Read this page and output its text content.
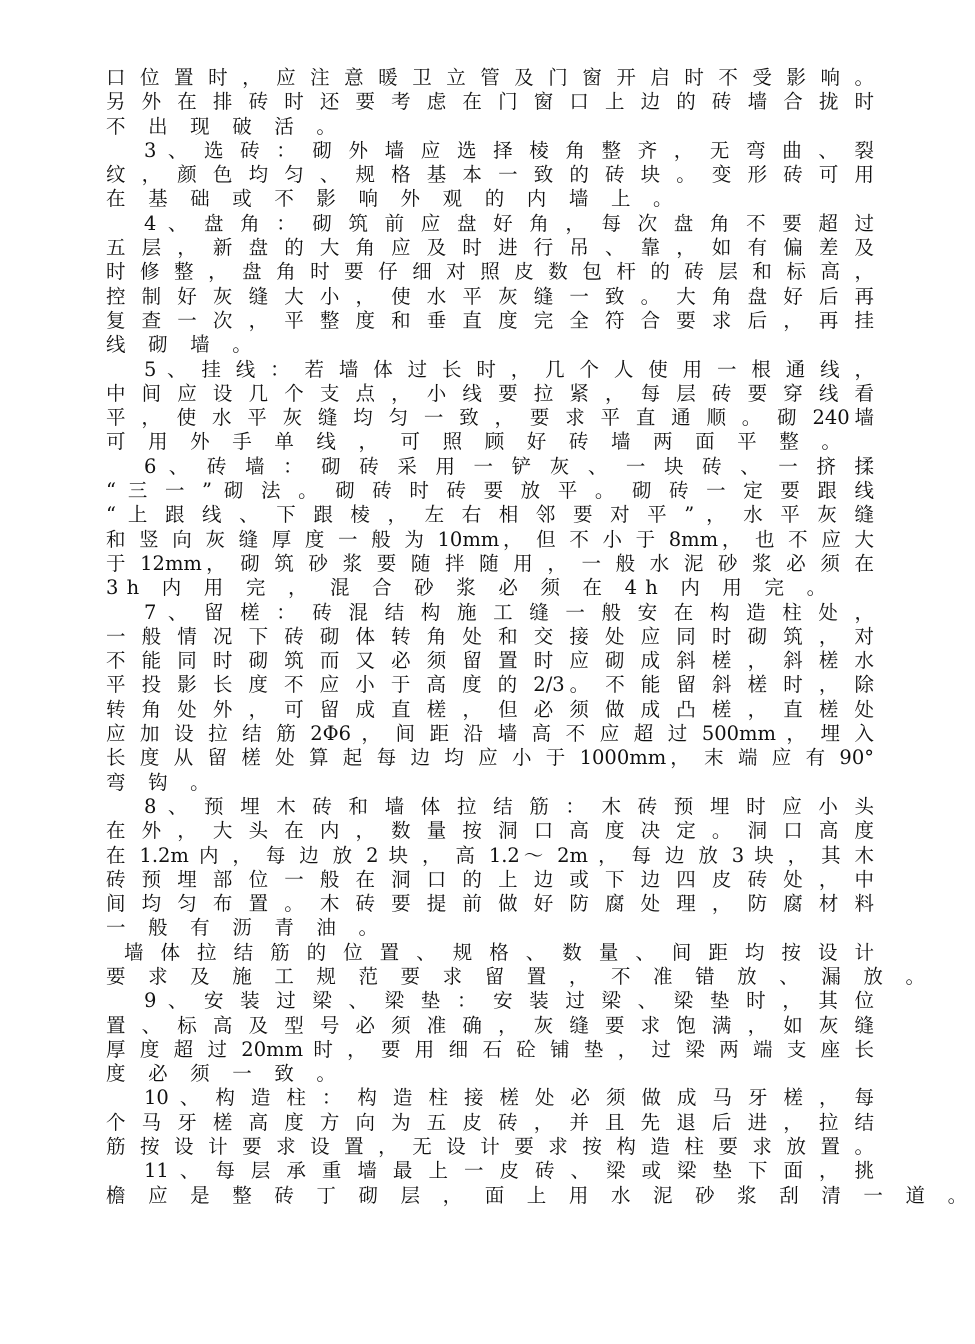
口 位 置 时 ， 应 注 意 暖 卫 立 管 及 门 窗 开 启 时 不 受 影 响 。
另 外 在 排 砖 时 还 要 考 虑 在 门 窗 口 上 边 的 砖 墙 合 拢 时
不 出 现 破 活 。
3 、 选 砖 ： 砌 外 墙 应 选 择 棱 角 整 齐 ， 无 弯 曲 、 裂
纹 ， 颜 色 均 匀 、 规 格 基 本 一 致 的 砖 块 。 变 形 砖 可 用
在 基 础 或 不 影 响 外 观 的 内 墙 上 。
4 、 盘 角 ： 砌 筑 前 应 盘 好 角 ， 每 次 盘 角 不 要 超 过
五 层 ， 新 盘 的 大 角 应 及 时 进 行 吊 、 靠 ， 如 有 偏 差 及
时 修 整 ， 盘 角 时 要 仔 细 对 照 皮 数 包 杆 的 砖 层 和 标 高 ，
控 制 好 灰 缝 大 小 ， 使 水 平 灰 缝 一 致 。 大 角 盘 好 后 再
复 查 一 次 ， 平 整 度 和 垂 直 度 完 全 符 合 要 求 后 ， 再 挂
线 砌 墙 。
5 、 挂 线 ： 若 墙 体 过 长 时 ， 几 个 人 使 用 一 根 通 线 ，
中 间 应 设 几 个 支 点 ， 小 线 要 拉 紧 ， 每 层 砖 要 穿 线 看
平 ， 使 水 平 灰 缝 均 匀 一 致 ， 要 求 平 直 通 顺 。 砌 240墙
可 用 外 手 单 线 ， 可 照 顾 好 砖 墙 两 面 平 整 。
6 、 砖 墙 ： 砌 砖 采 用 一 铲 灰 、 一 块 砖 、 一 挤 揉
“ 三 一 ” 砌 法 。 砌 砖 时 砖 要 放 平 。 砌 砖 一 定 要 跟 线
“ 上 跟 线 、 下 跟 棱 ， 左 右 相 邻 要 对 平 ” ， 水 平 灰 缝
和 竖 向 灰 缝 厚 度 一 般 为 10mm， 但 不 小 于 8mm， 也 不 应 大
于 12mm， 砌 筑 砂 浆 要 随 拌 随 用 ， 一 般 水 泥 砂 浆 必 须 在
3h 内 用 完 ， 混 合 砂 浆 必 须 在 4h 内 用 完 。
7 、 留 槎 ： 砖 混 结 构 施 工 缝 一 般 安 在 构 造 柱 处 ，
一 般 情 况 下 砖 砌 体 转 角 处 和 交 接 处 应 同 时 砌 筑 ， 对
不 能 同 时 砌 筑 而 又 必 须 留 置 时 应 砌 成 斜 槎 ， 斜 槎 水
平 投 影 长 度 不 应 小 于 高 度 的 2/3。 不 能 留 斜 槎 时 ， 除
转 角 处 外 ， 可 留 成 直 槎 ， 但 必 须 做 成 凸 槎 ， 直 槎 处
应 加 设 拉 结 筋 2Φ6 ， 间 距 沿 墙 高 不 应 超 过 500mm ， 埋 入
长 度 从 留 槎 处 算 起 每 边 均 应 小 于 1000mm， 末 端 应 有 90°
弯 钩 。
8 、 预 埋 木 砖 和 墙 体 拉 结 筋 ： 木 砖 预 埋 时 应 小 头
在 外 ， 大 头 在 内 ， 数 量 按 洞 口 高 度 决 定 。 洞 口 高 度
在 1.2m 内 ， 每 边 放 2 块 ， 高 1.2～ 2m ， 每 边 放 3 块 ， 其 木
砖 预 埋 部 位 一 般 在 洞 口 的 上 边 或 下 边 四 皮 砖 处 ， 中
间 均 匀 布 置 。 木 砖 要 提 前 做 好 防 腐 处 理 ， 防 腐 材 料
一 般 有 沥 青 油 。
墙 体 拉 结 筋 的 位 置 、 规 格 、 数 量 、 间 距 均 按 设 计
要 求 及 施 工 规 范 要 求 留 置 ， 不 准 错 放 、 漏 放 。
9 、 安 装 过 梁 、 梁 垫 ： 安 装 过 梁 、 梁 垫 时 ， 其 位
置 、 标 高 及 型 号 必 须 准 确 ， 灰 缝 要 求 饱 满 ， 如 灰 缝
厚 度 超 过 20mm 时 ， 要 用 细 石 砼 铺 垫 ， 过 梁 两 端 支 座 长
度 必 须 一 致 。
10 、 构 造 柱 ： 构 造 柱 接 槎 处 必 须 做 成 马 牙 槎 ， 每
个 马 牙 槎 高 度 方 向 为 五 皮 砖 ， 并 且 先 退 后 进 ， 拉 结
筋 按 设 计 要 求 设 置 ， 无 设 计 要 求 按 构 造 柱 要 求 放 置 。
11 、 每 层 承 重 墙 最 上 一 皮 砖 、 梁 或 梁 垫 下 面 ， 挑
檐 应 是 整 砖 丁 砌 层 ， 面 上 用 水 泥 砂 浆 刮 清 一 道 。
